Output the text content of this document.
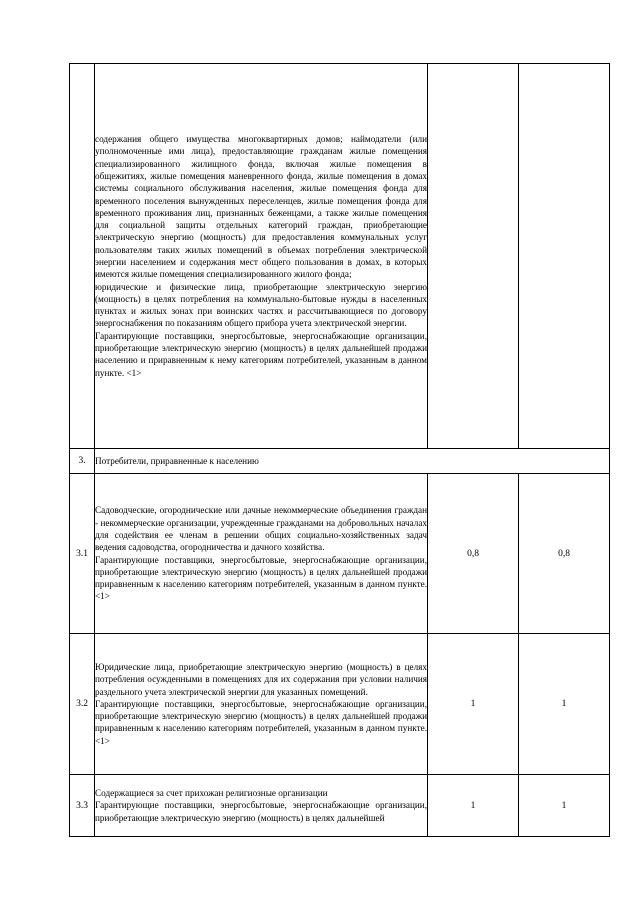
	содержания общего имущества многоквартирных домов; наймодатели (или уполномоченные ими лица), предоставляющие гражданам жилые помещения специализированного жилищного фонда, включая жилые помещения в общежитиях, жилые помещения маневренного фонда, жилые помещения в домах системы социального обслуживания населения, жилые помещения фонда для временного поселения вынужденных переселенцев, жилые помещения фонда для временного проживания лиц, признанных беженцами, а также жилые помещения для социальной защиты отдельных категорий граждан, приобретающие электрическую энергию (мощность) для предоставления коммунальных услуг пользователям таких жилых помещений в объемах потребления электрической энергии населением и содержания мест общего пользования в домах, в которых имеются жилые помещения специализированного жилого фонда;

юридические и физические лица, приобретающие электрическую энергию (мощность) в целях потребления на коммунально-бытовые нужды в населенных пунктах и жилых зонах при воинских частях и рассчитывающиеся по договору энергоснабжения по показаниям общего прибора учета электрической энергии.

Гарантирующие поставщики, энергосбытовые, энергоснабжающие организации, приобретающие электрическую энергию (мощность) в целях дальнейшей продажи населению и приравненным к нему категориям потребителей, указанным в данном пункте. <1>		

3.	Потребители, приравненные к населению		

3.1	Садоводческие, огороднические или дачные некоммерческие объединения граждан - некоммерческие организации, учрежденные гражданами на добровольных началах для содействия ее членам в решении общих социально-хозяйственных задач ведения садоводства, огородничества и дачного хозяйства.

Гарантирующие поставщики, энергосбытовые, энергоснабжающие организации, приобретающие электрическую энергию (мощность) в целях дальнейшей продажи приравненным к населению категориям потребителей, указанным в данном пункте. <1>	0,8	0,8
3.2	Юридические лица, приобретающие электрическую энергию (мощность) в целях потребления осужденными в помещениях для их содержания при условии наличия раздельного учета электрической энергии для указанных помещений.

Гарантирующие поставщики, энергосбытовые, энергоснабжающие организации, приобретающие электрическую энергию (мощность) в целях дальнейшей продажи приравненным к населению категориям потребителей, указанным в данном пункте. <1>	1	1
3.3	Содержащиеся за счет прихожан религиозные организации

Гарантирующие поставщики, энергосбытовые, энергоснабжающие организации, приобретающие электрическую энергию (мощность) в целях дальнейшей	1	1
